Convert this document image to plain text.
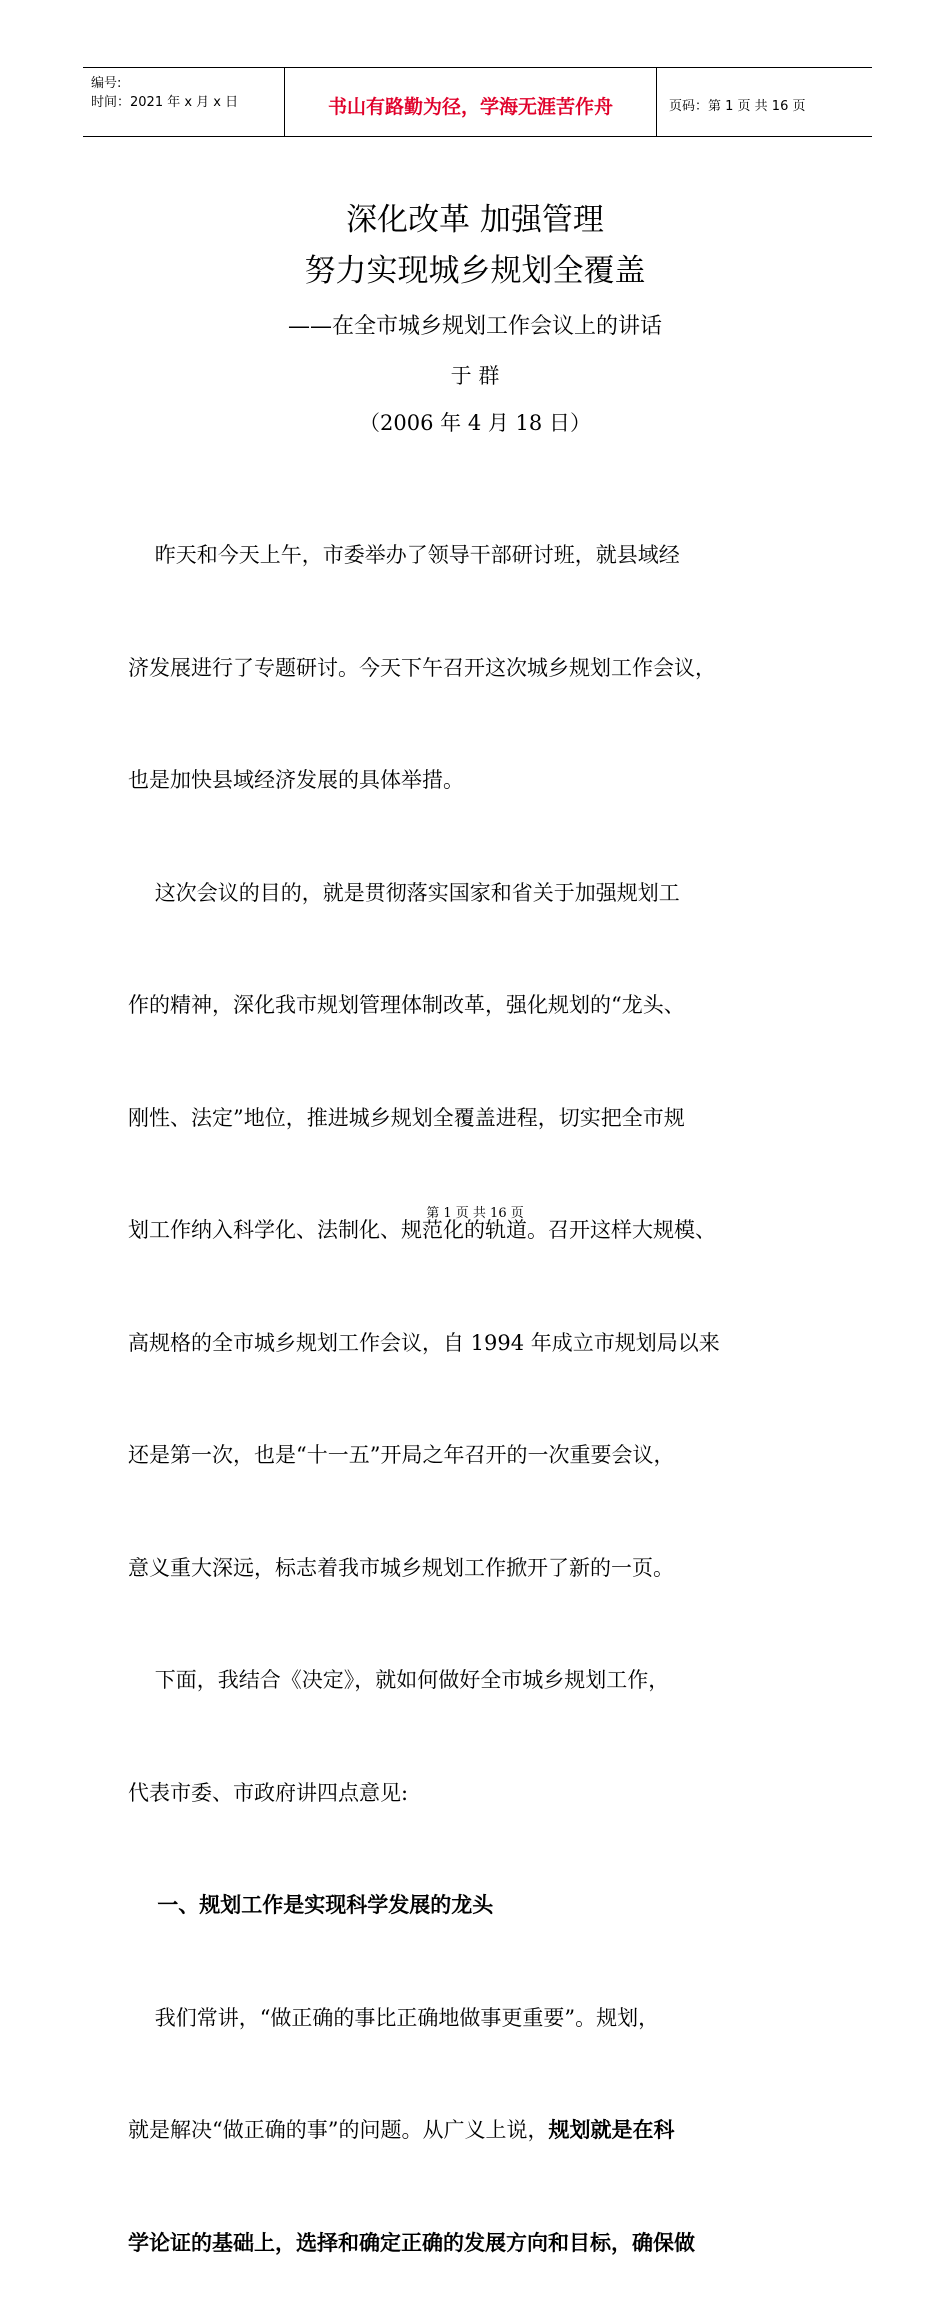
编号:
时间：2021 年 x 月 x 日	书山有路勤为径，学海无涯苦作舟	页码：第 1 页 共 16 页
深化改革 加强管理
努力实现城乡规划全覆盖
——在全市城乡规划工作会议上的讲话
于 群
（2006 年 4 月 18 日）

昨天和今天上午，市委举办了领导干部研讨班，就县域经

济发展进行了专题研讨。今天下午召开这次城乡规划工作会议，

也是加快县域经济发展的具体举措。

这次会议的目的，就是贯彻落实国家和省关于加强规划工

作的精神，深化我市规划管理体制改革，强化规划的“龙头、

刚性、法定”地位，推进城乡规划全覆盖进程，切实把全市规

划工作纳入科学化、法制化、规范化的轨道。召开这样大规模、

高规格的全市城乡规划工作会议，自 1994 年成立市规划局以来

还是第一次，也是“十一五”开局之年召开的一次重要会议，

意义重大深远，标志着我市城乡规划工作掀开了新的一页。

下面，我结合《决定》，就如何做好全市城乡规划工作，

代表市委、市政府讲四点意见:

一、规划工作是实现科学发展的龙头

我们常讲，“做正确的事比正确地做事更重要”。规划，

就是解决“做正确的事”的问题。从广义上说，规划就是在科

学论证的基础上，选择和确定正确的发展方向和目标，确保做

第 1 页 共 16 页
